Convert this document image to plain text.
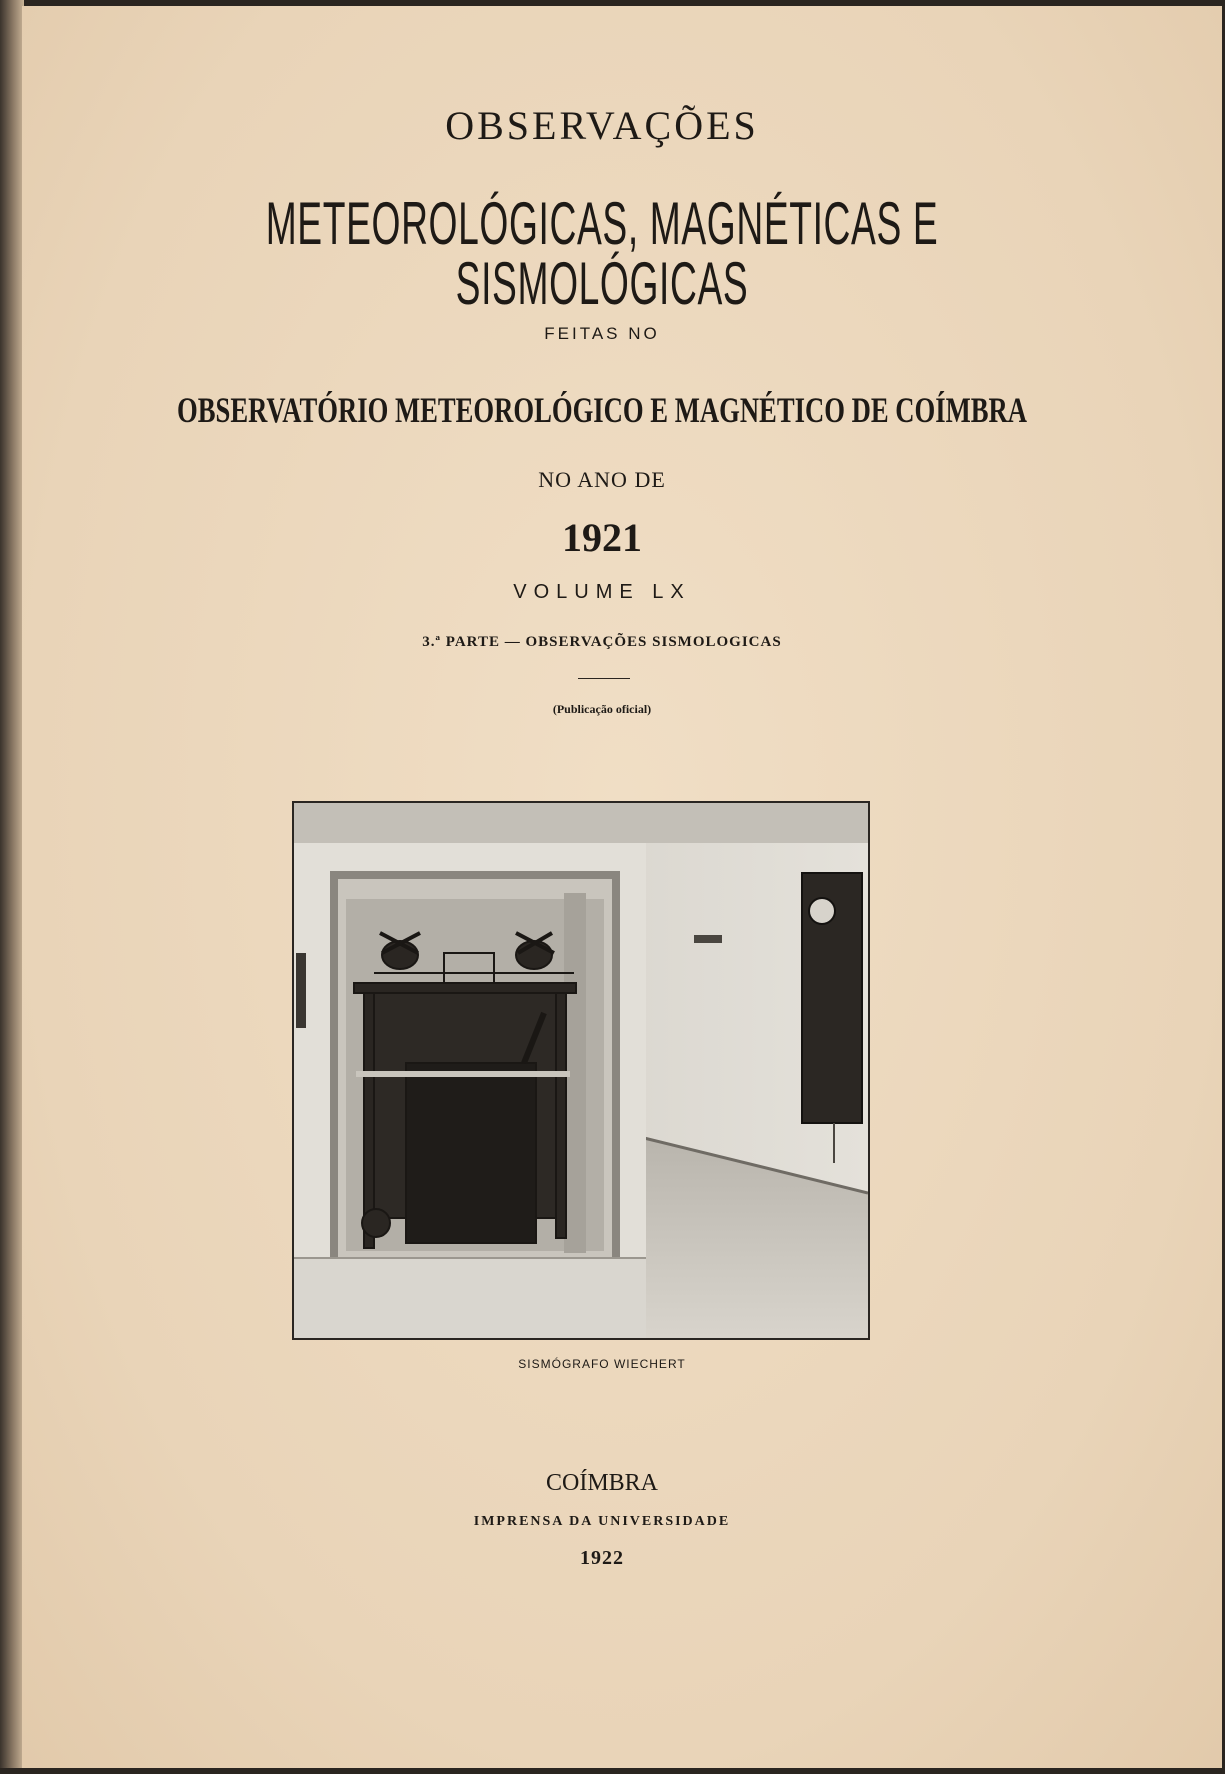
OBSERVAÇÕES
METEOROLÓGICAS, MAGNÉTICAS E SISMOLÓGICAS
FEITAS NO
OBSERVATÓRIO METEOROLÓGICO E MAGNÉTICO DE COÍMBRA
NO ANO DE
1921
VOLUME LX
3.ª PARTE — OBSERVAÇÕES SISMOLOGICAS
(Publicação oficial)
SISMÓGRAFO WIECHERT
COÍMBRA
IMPRENSA DA UNIVERSIDADE
1922
